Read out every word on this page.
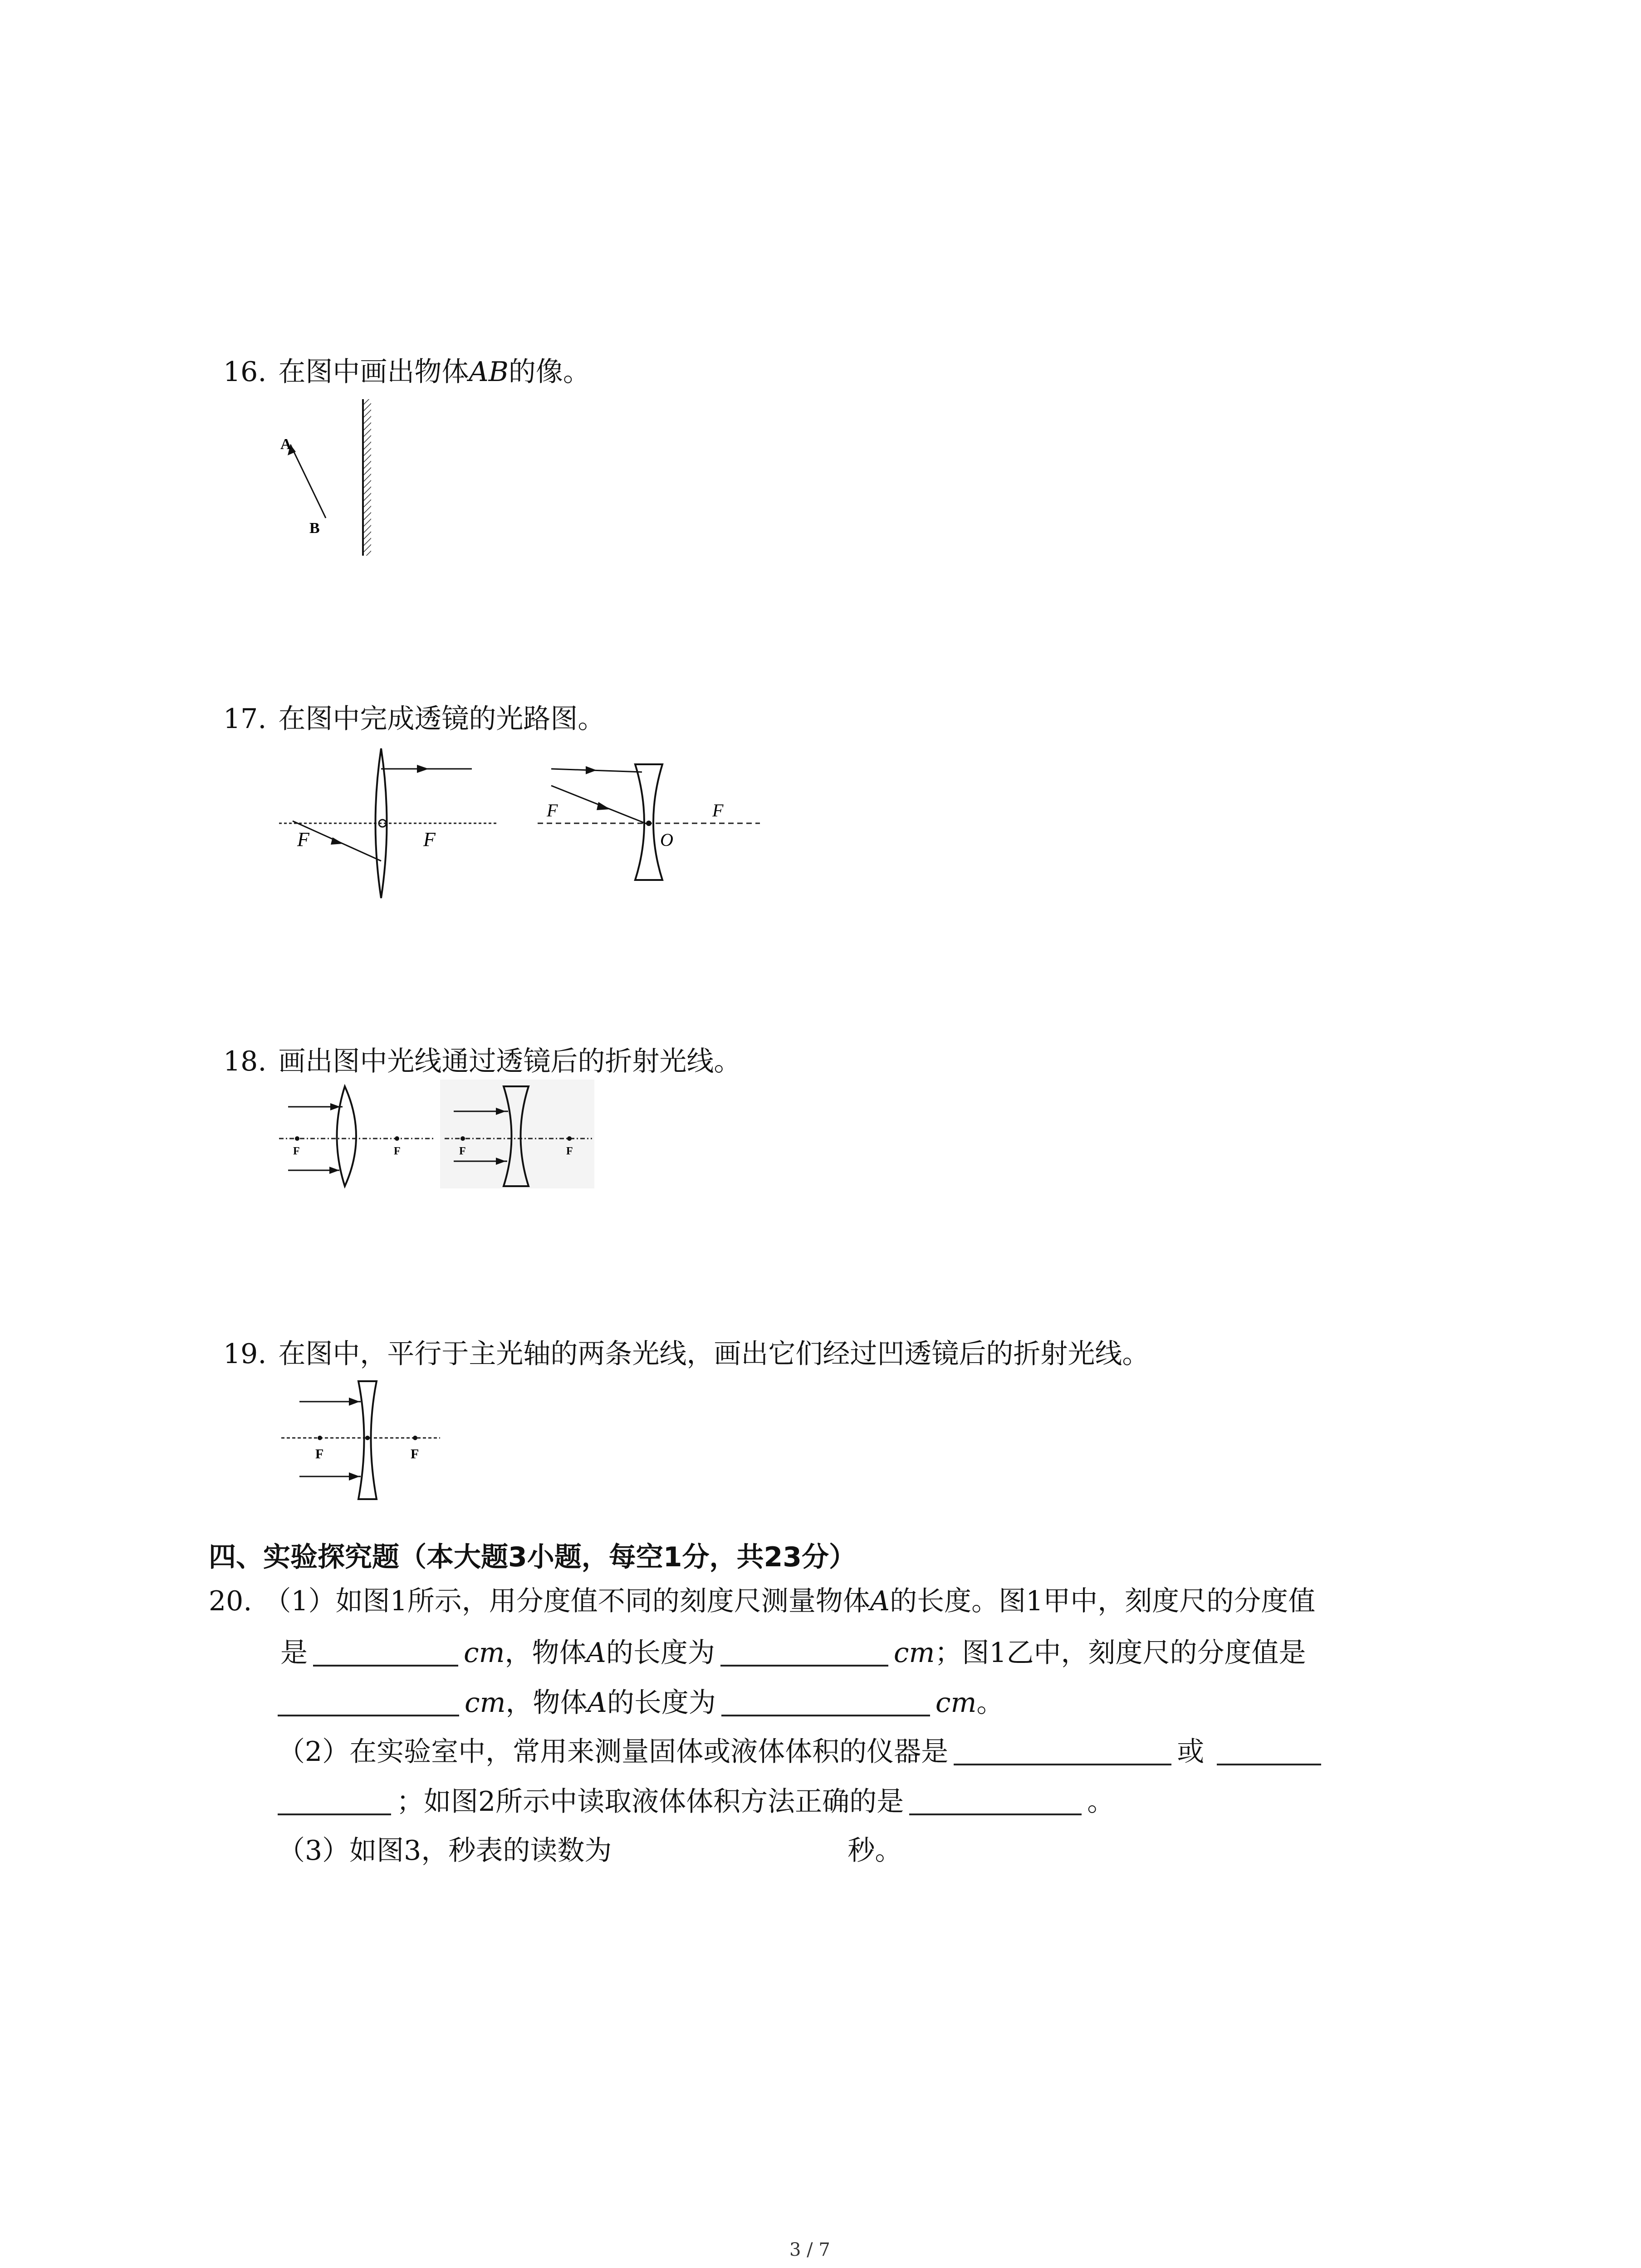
16. 在图中画出物体AB的像。
A
B
17. 在图中完成透镜的光路图。
F	F
F	F
O
18. 画出图中光线通过透镜后的折射光线。
F	F	F	F
19. 在图中，平行于主光轴的两条光线，画出它们经过凹透镜后的折射光线。
F	F
四、实验探究题（本大题3小题，每空1分，共23分）
20. （1）如图1所示，用分度值不同的刻度尺测量物体A的长度。图1甲中，刻度尺的分度值
是	cm，物体A的长度为	cm；图1乙中，刻度尺的分度值是
cm，物体A的长度为	cm。
（2）在实验室中，常用来测量固体或液体体积的仪器是	或
；如图2所示中读取液体体积方法正确的是	。
（3）如图3，秒表的读数为	秒。
3 / 7
